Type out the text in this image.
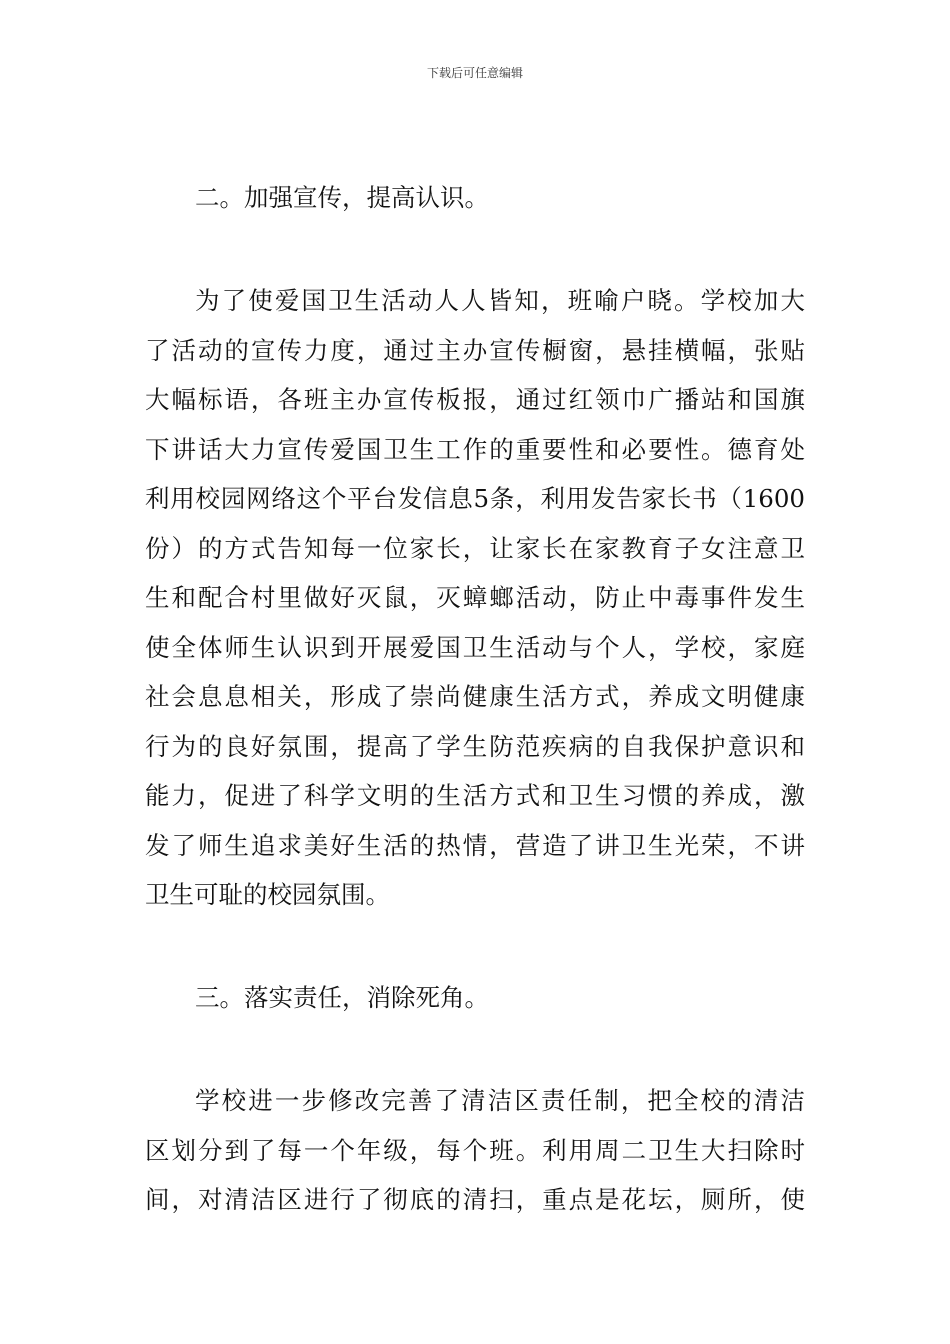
下载后可任意编辑
二。加强宣传，提高认识。
为了使爱国卫生活动人人皆知，班喻户晓。学校加大
了活动的宣传力度，通过主办宣传橱窗，悬挂横幅，张贴
大幅标语，各班主办宣传板报，通过红领巾广播站和国旗
下讲话大力宣传爱国卫生工作的重要性和必要性。德育处
利用校园网络这个平台发信息5条，利用发告家长书（1600
份）的方式告知每一位家长，让家长在家教育子女注意卫
生和配合村里做好灭鼠，灭蟑螂活动，防止中毒事件发生
使全体师生认识到开展爱国卫生活动与个人，学校，家庭
社会息息相关，形成了崇尚健康生活方式，养成文明健康
行为的良好氛围，提高了学生防范疾病的自我保护意识和
能力，促进了科学文明的生活方式和卫生习惯的养成，激
发了师生追求美好生活的热情，营造了讲卫生光荣，不讲
卫生可耻的校园氛围。
三。落实责任，消除死角。
学校进一步修改完善了清洁区责任制，把全校的清洁
区划分到了每一个年级，每个班。利用周二卫生大扫除时
间，对清洁区进行了彻底的清扫，重点是花坛，厕所，使
